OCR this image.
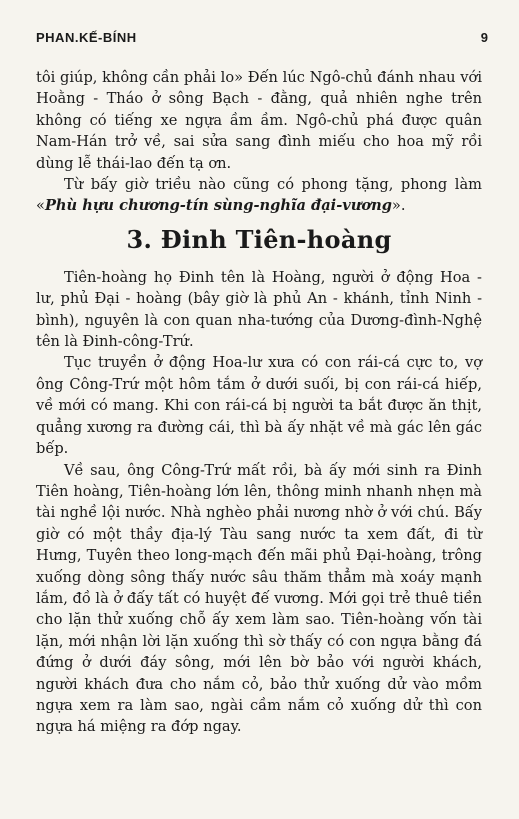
PHAN.KẾ-BÍNH	9

tôi giúp, không cần phải lo» Đến lúc Ngô-chủ đánh nhau với Hoằng - Tháo ở sông Bạch - đằng, quả nhiên nghe trên không có tiếng xe ngựa ầm ầm. Ngô-chủ phá được quân Nam-Hán trở về, sai sửa sang đình miếu cho hoa mỹ rồi dùng lễ thái-lao đến tạ ơn.

Từ bấy giờ triều nào cũng có phong tặng, phong làm «Phù hựu chương-tín sùng-nghĩa đại-vương».

3. Đinh Tiên-hoàng

Tiên-hoàng họ Đinh tên là Hoàng, người ở động Hoa - lư, phủ Đại - hoàng (bây giờ là phủ An - khánh, tỉnh Ninh - bình), nguyên là con quan nha-tướng của Dương-đình-Nghệ tên là Đinh-công-Trứ.

Tục truyền ở động Hoa-lư xưa có con rái-cá cực to, vợ ông Công-Trứ một hôm tắm ở dưới suối, bị con rái-cá hiếp, về mới có mang. Khi con rái-cá bị người ta bắt được ăn thịt, quẳng xương ra đường cái, thì bà ấy nhặt về mà gác lên gác bếp.

Về sau, ông Công-Trứ mất rồi, bà ấy mới sinh ra Đinh Tiên hoàng, Tiên-hoàng lớn lên, thông minh nhanh nhẹn mà tài nghề lội nước. Nhà nghèo phải nương nhờ ở với chú. Bấy giờ có một thầy địa-lý Tàu sang nước ta xem đất, đi từ Hưng, Tuyên theo long-mạch đến mãi phủ Đại-hoàng, trông xuống dòng sông thấy nước sâu thăm thẳm mà xoáy mạnh lắm, đồ là ở đấy tất có huyệt đế vương. Mới gọi trẻ thuê tiền cho lặn thử xuống chỗ ấy xem làm sao. Tiên-hoàng vốn tài lặn, mới nhận lời lặn xuống thì sờ thấy có con ngựa bằng đá đứng ở dưới đáy sông, mới lên bờ bảo với người khách, người khách đưa cho nắm cỏ, bảo thử xuống dử vào mồm ngựa xem ra làm sao, ngài cầm nắm cỏ xuống dử thì con ngựa há miệng ra đớp ngay.
